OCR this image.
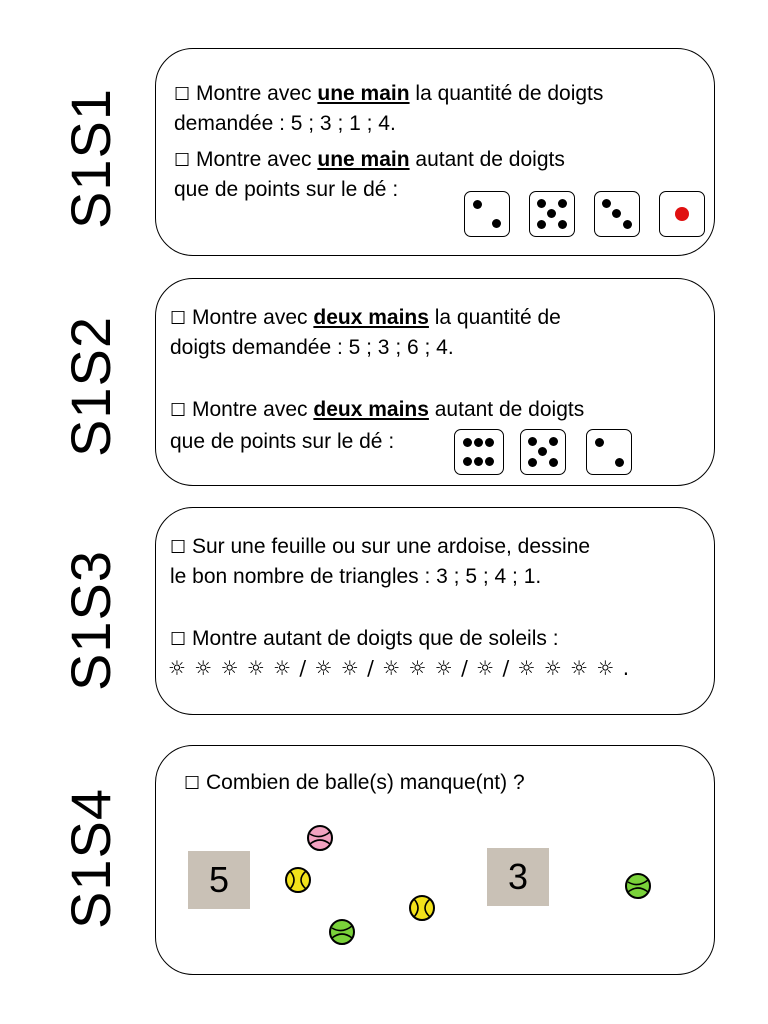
S1S1	☐ Montre avec une main la quantité de doigts
demandée : 5 ; 3 ; 1 ; 4.
☐ Montre avec une main autant de doigts
que de points sur le dé :
S1S2	☐ Montre avec deux mains la quantité de
doigts demandée : 5 ; 3 ; 6 ; 4.
☐ Montre avec deux mains autant de doigts
que de points sur le dé :
S1S3
☐ Sur une feuille ou sur une ardoise, dessine
le bon nombre de triangles : 3 ; 5 ; 4 ; 1.
☐ Montre autant de doigts que de soleils :
☼ ☼ ☼ ☼ ☼ / ☼ ☼ / ☼ ☼ ☼ / ☼ / ☼ ☼ ☼ ☼ .
S1S4
☐ Combien de balle(s) manque(nt) ?
5	3
